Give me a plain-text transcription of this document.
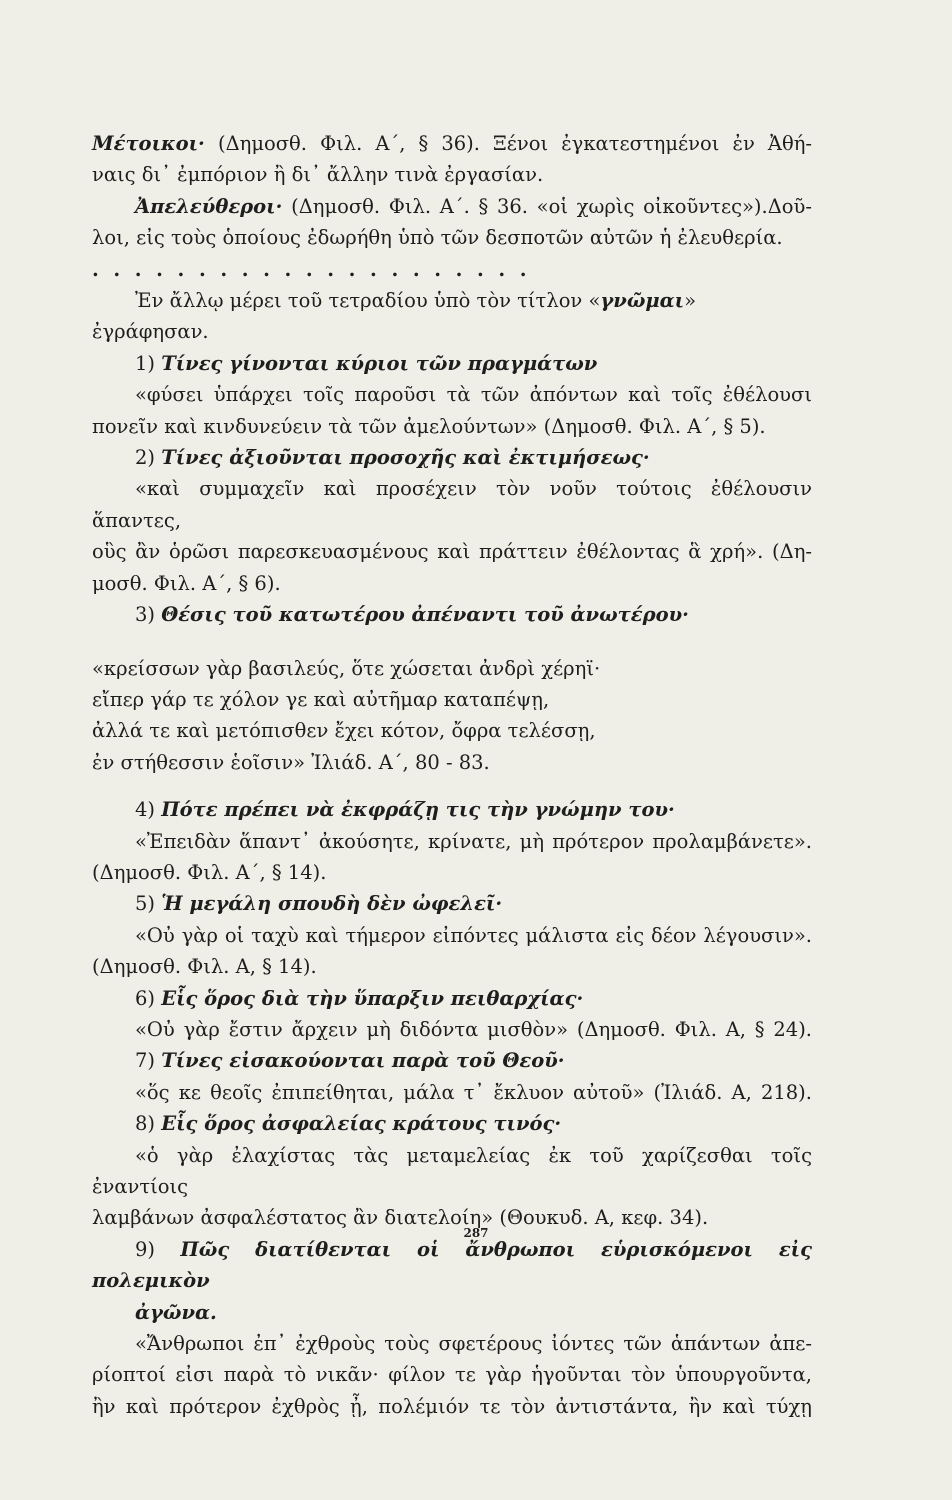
Μέτοικοι· (Δημοσθ. Φιλ. Α΄, § 36). Ξένοι ἐγκατεστημένοι ἐν Ἀθή-

ναις δι᾽ ἐμπόριον ἢ δι᾽ ἄλλην τινὰ ἐργασίαν.

Ἀπελεύθεροι· (Δημοσθ. Φιλ. Α΄. § 36. «οἱ χωρὶς οἰκοῦντες»).Δοῦ-

λοι, εἰς τοὺς ὁποίους ἐδωρήθη ὑπὸ τῶν δεσποτῶν αὐτῶν ἡ ἐλευθερία.

.....................

Ἐν ἄλλῳ μέρει τοῦ τετραδίου ὑπὸ τὸν τίτλον «γνῶμαι» ἐγράφησαν.

1) Τίνες γίνονται κύριοι τῶν πραγμάτων

«φύσει ὑπάρχει τοῖς παροῦσι τὰ τῶν ἀπόντων καὶ τοῖς ἐθέλουσι

πονεῖν καὶ κινδυνεύειν τὰ τῶν ἀμελούντων» (Δημοσθ. Φιλ. Α΄, § 5).

2) Τίνες ἀξιοῦνται προσοχῆς καὶ ἐκτιμήσεως·

«καὶ συμμαχεῖν καὶ προσέχειν τὸν νοῦν τούτοις ἐθέλουσιν ἅπαντες,

οὓς ἂν ὁρῶσι παρεσκευασμένους καὶ πράττειν ἐθέλοντας ἃ χρή». (Δη-

μοσθ. Φιλ. Α΄, § 6).

3) Θέσις τοῦ κατωτέρου ἀπέναντι τοῦ ἀνωτέρου·

«κρείσσων γὰρ βασιλεύς, ὅτε χώσεται ἀνδρὶ χέρηϊ·

εἴπερ γάρ τε χόλον γε καὶ αὐτῆμαρ καταπέψῃ,

ἀλλά τε καὶ μετόπισθεν ἔχει κότον, ὄφρα τελέσσῃ,

ἐν στήθεσσιν ἑοῖσιν» Ἰλιάδ. Α΄, 80 - 83.

4) Πότε πρέπει νὰ ἐκφράζῃ τις τὴν γνώμην του·

«Ἐπειδὰν ἅπαντ᾽ ἀκούσητε, κρίνατε, μὴ πρότερον προλαμβάνετε».

(Δημοσθ. Φιλ. Α΄, § 14).

5) Ἡ μεγάλη σπουδὴ δὲν ὠφελεῖ·

«Οὐ γὰρ οἱ ταχὺ καὶ τήμερον εἰπόντες μάλιστα εἰς δέον λέγουσιν».

(Δημοσθ. Φιλ. Α, § 14).

6) Εἷς ὅρος διὰ τὴν ὕπαρξιν πειθαρχίας·

«Οὐ γὰρ ἔστιν ἄρχειν μὴ διδόντα μισθὸν» (Δημοσθ. Φιλ. Α, § 24).

7) Τίνες εἰσακούονται παρὰ τοῦ Θεοῦ·

«ὅς κε θεοῖς ἐπιπείθηται, μάλα τ᾽ ἔκλυον αὐτοῦ» (Ἰλιάδ. Α, 218).

8) Εἷς ὅρος ἀσφαλείας κράτους τινός·

«ὁ γὰρ ἐλαχίστας τὰς μεταμελείας ἐκ τοῦ χαρίζεσθαι τοῖς ἐναντίοις

λαμβάνων ἀσφαλέστατος ἂν διατελοίη» (Θουκυδ. Α, κεφ. 34).

9) Πῶς διατίθενται οἱ ἄνθρωποι εὑρισκόμενοι εἰς πολεμικὸν

ἀγῶνα.

«Ἄνθρωποι ἐπ᾽ ἐχθροὺς τοὺς σφετέρους ἰόντες τῶν ἁπάντων ἀπε-

ρίοπτοί εἰσι παρὰ τὸ νικᾶν· φίλον τε γὰρ ἡγοῦνται τὸν ὑπουργοῦντα,

ἢν καὶ πρότερον ἐχθρὸς ᾖ, πολέμιόν τε τὸν ἀντιστάντα, ἢν καὶ τύχῃ

287
